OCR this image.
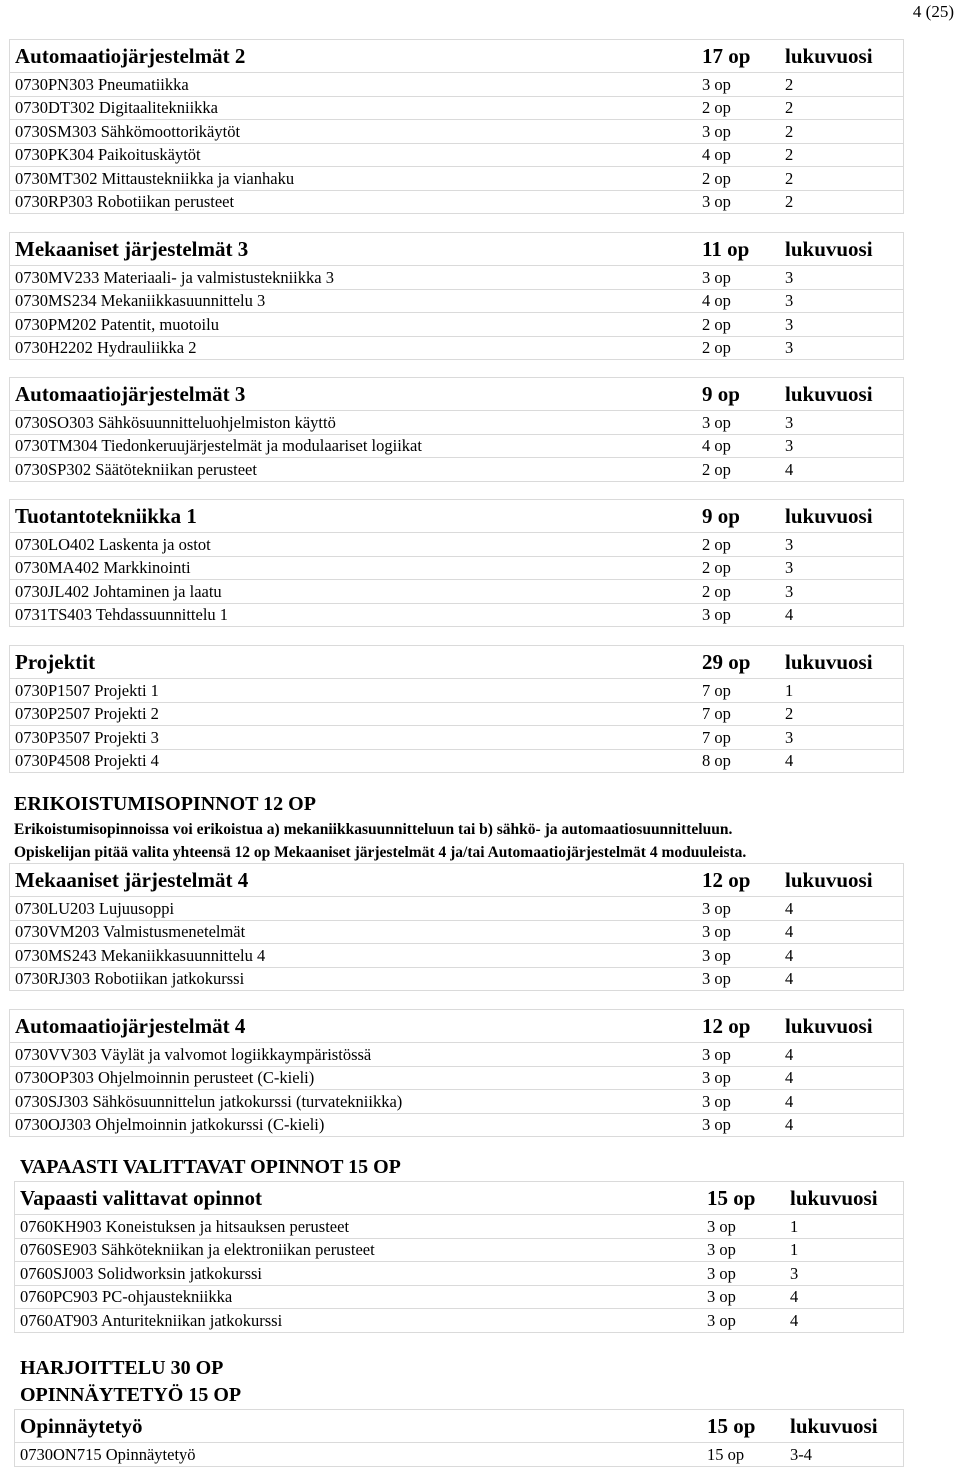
4 (25)
Automaatiojärjestelmät 2	17 op	lukuvuosi
0730PN303 Pneumatiikka	3 op	2
0730DT302 Digitaalitekniikka	2 op	2
0730SM303 Sähkömoottorikäytöt	3 op	2
0730PK304 Paikoituskäytöt	4 op	2
0730MT302 Mittaustekniikka ja vianhaku	2 op	2
0730RP303 Robotiikan perusteet	3 op	2
Mekaaniset järjestelmät 3	11 op	lukuvuosi
0730MV233 Materiaali- ja valmistustekniikka 3	3 op	3
0730MS234 Mekaniikkasuunnittelu 3	4 op	3
0730PM202 Patentit, muotoilu	2 op	3
0730H2202 Hydrauliikka 2	2 op	3
Automaatiojärjestelmät 3	9 op	lukuvuosi
0730SO303 Sähkösuunnitteluohjelmiston käyttö	3 op	3
0730TM304 Tiedonkeruujärjestelmät ja modulaariset logiikat	4 op	3
0730SP302 Säätötekniikan perusteet	2 op	4
Tuotantotekniikka 1	9 op	lukuvuosi
0730LO402 Laskenta ja ostot	2 op	3
0730MA402 Markkinointi	2 op	3
0730JL402 Johtaminen ja laatu	2 op	3
0731TS403 Tehdassuunnittelu 1	3 op	4
Projektit	29 op	lukuvuosi
0730P1507 Projekti 1	7 op	1
0730P2507 Projekti 2	7 op	2
0730P3507 Projekti 3	7 op	3
0730P4508 Projekti 4	8 op	4
ERIKOISTUMISOPINNOT 12 OP
Erikoistumisopinnoissa voi erikoistua a) mekaniikkasuunnitteluun tai b) sähkö- ja automaatiosuunnitteluun.
Opiskelijan pitää valita yhteensä 12 op Mekaaniset järjestelmät 4 ja/tai Automaatiojärjestelmät 4 moduuleista.
Mekaaniset järjestelmät 4	12 op	lukuvuosi
0730LU203 Lujuusoppi	3 op	4
0730VM203 Valmistusmenetelmät	3 op	4
0730MS243 Mekaniikkasuunnittelu 4	3 op	4
0730RJ303 Robotiikan jatkokurssi	3 op	4
Automaatiojärjestelmät 4	12 op	lukuvuosi
0730VV303 Väylät ja valvomot logiikkaympäristössä	3 op	4
0730OP303 Ohjelmoinnin perusteet (C-kieli)	3 op	4
0730SJ303 Sähkösuunnittelun jatkokurssi (turvatekniikka)	3 op	4
0730OJ303 Ohjelmoinnin jatkokurssi (C-kieli)	3 op	4
VAPAASTI VALITTAVAT OPINNOT 15 OP
Vapaasti valittavat opinnot	15 op	lukuvuosi
0760KH903 Koneistuksen ja hitsauksen perusteet	3 op	1
0760SE903 Sähkötekniikan ja elektroniikan perusteet	3 op	1
0760SJ003 Solidworksin jatkokurssi	3 op	3
0760PC903 PC-ohjaustekniikka	3 op	4
0760AT903 Anturitekniikan jatkokurssi	3 op	4
HARJOITTELU 30 OP
OPINNÄYTETYÖ 15 OP
Opinnäytetyö	15 op	lukuvuosi
0730ON715 Opinnäytetyö	15 op	3-4
